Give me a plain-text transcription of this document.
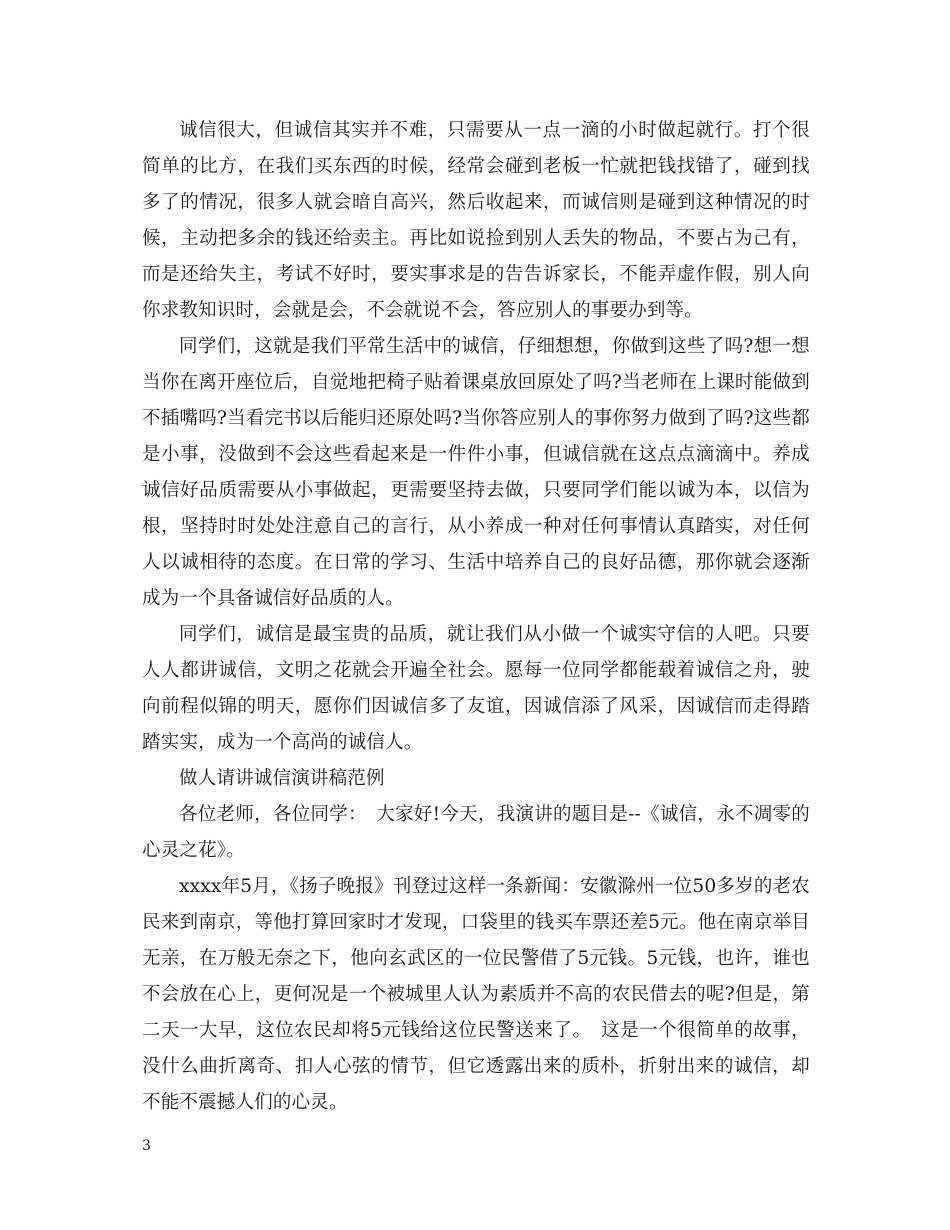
诚信很大，但诚信其实并不难，只需要从一点一滴的小时做起就行。打个很简单的比方，在我们买东西的时候，经常会碰到老板一忙就把钱找错了，碰到找多了的情况，很多人就会暗自高兴，然后收起来，而诚信则是碰到这种情况的时候，主动把多余的钱还给卖主。再比如说捡到别人丢失的物品，不要占为己有，而是还给失主，考试不好时，要实事求是的告告诉家长，不能弄虚作假，别人向你求教知识时，会就是会，不会就说不会，答应别人的事要办到等。

同学们，这就是我们平常生活中的诚信，仔细想想，你做到这些了吗?想一想当你在离开座位后，自觉地把椅子贴着课桌放回原处了吗?当老师在上课时能做到不插嘴吗?当看完书以后能归还原处吗?当你答应别人的事你努力做到了吗?这些都是小事，没做到不会这些看起来是一件件小事，但诚信就在这点点滴滴中。养成诚信好品质需要从小事做起，更需要坚持去做，只要同学们能以诚为本，以信为根，坚持时时处处注意自己的言行，从小养成一种对任何事情认真踏实，对任何人以诚相待的态度。在日常的学习、生活中培养自己的良好品德，那你就会逐渐成为一个具备诚信好品质的人。

同学们，诚信是最宝贵的品质，就让我们从小做一个诚实守信的人吧。只要人人都讲诚信，文明之花就会开遍全社会。愿每一位同学都能载着诚信之舟，驶向前程似锦的明天，愿你们因诚信多了友谊，因诚信添了风采，因诚信而走得踏踏实实，成为一个高尚的诚信人。

做人请讲诚信演讲稿范例

各位老师，各位同学：　大家好!今天，我演讲的题目是--《诚信，永不凋零的心灵之花》。

xxxx年5月，《扬子晚报》刊登过这样一条新闻：安徽滁州一位50多岁的老农民来到南京，等他打算回家时才发现，口袋里的钱买车票还差5元。他在南京举目无亲，在万般无奈之下，他向玄武区的一位民警借了5元钱。5元钱，也许，谁也不会放在心上，更何况是一个被城里人认为素质并不高的农民借去的呢?但是，第二天一大早，这位农民却将5元钱给这位民警送来了。　这是一个很简单的故事，没什么曲折离奇、扣人心弦的情节，但它透露出来的质朴，折射出来的诚信，却不能不震撼人们的心灵。

3
